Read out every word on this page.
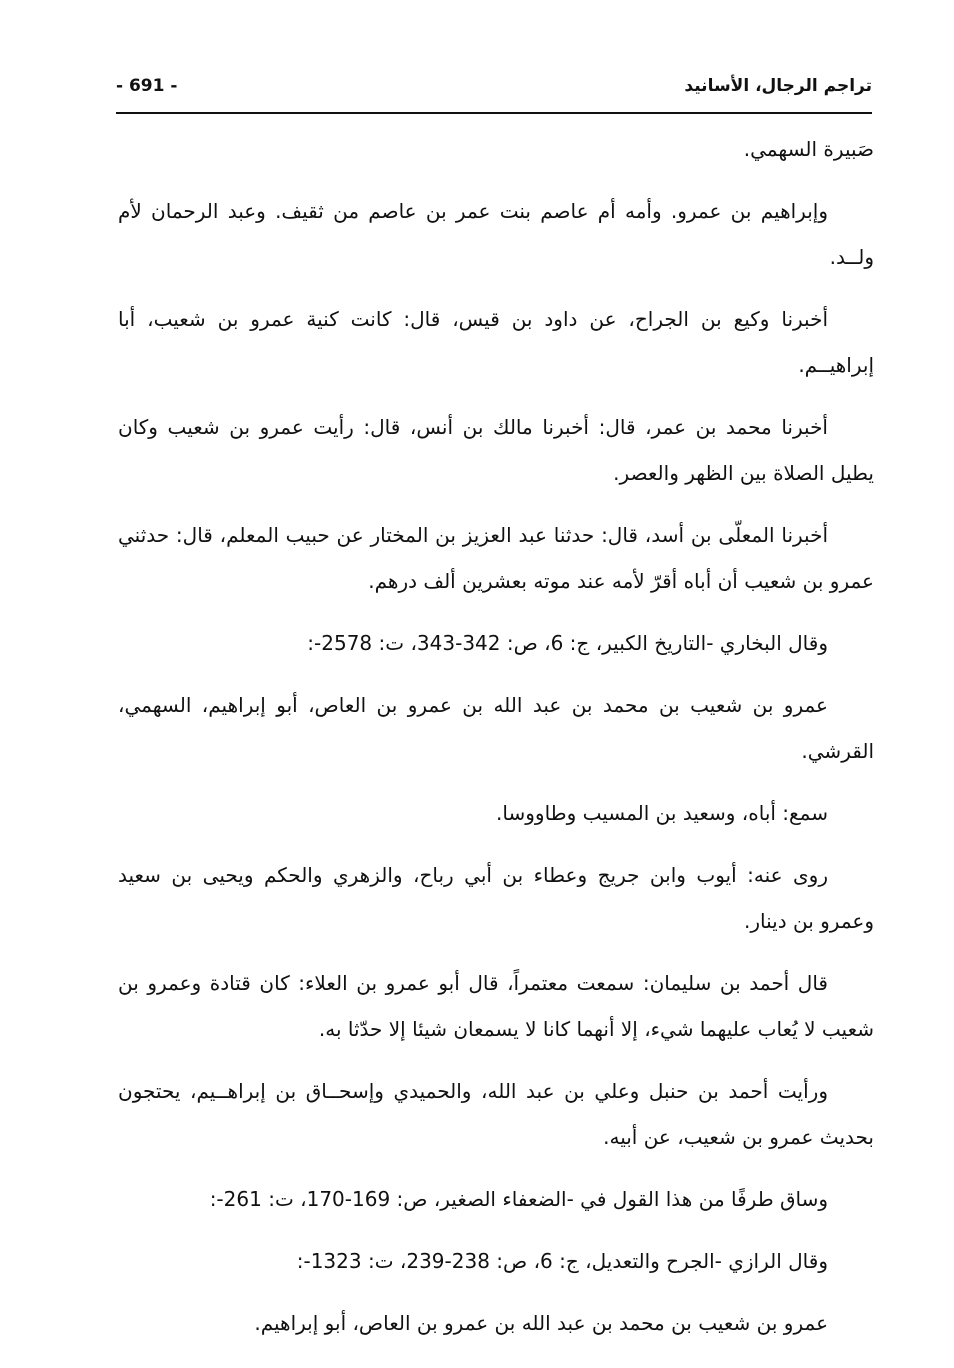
- 691 -	تراجم الرجال، الأسانيد

صَبيرة السهمي.

وإبراهيم بن عمرو. وأمه أم عاصم بنت عمر بن عاصم من ثقيف. وعبد الرحمان لأم ولــد.

أخبرنا وكيع بن الجراح، عن داود بن قيس، قال: كانت كنية عمرو بن شعيب، أبا إبراهيــم.

أخبرنا محمد بن عمر، قال: أخبرنا مالك بن أنس، قال: رأيت عمرو بن شعيب وكان يطيل الصلاة بين الظهر والعصر.

أخبرنا المعلّى بن أسد، قال: حدثنا عبد العزيز بن المختار عن حبيب المعلم، قال: حدثني عمرو بن شعيب أن أباه أقرّ لأمه عند موته بعشرين ألف درهم.

وقال البخاري -التاريخ الكبير، ج: 6، ص: 342-343، ت: 2578-:

عمرو بن شعيب بن محمد بن عبد الله بن عمرو بن العاص، أبو إبراهيم، السهمي، القرشي.

سمع: أباه، وسعيد بن المسيب وطاووسا.

روى عنه: أيوب وابن جريج وعطاء بن أبي رباح، والزهري والحكم ويحيى بن سعيد وعمرو بن دينار.

قال أحمد بن سليمان: سمعت معتمراً، قال أبو عمرو بن العلاء: كان قتادة وعمرو بن شعيب لا يُعاب عليهما شيء، إلا أنهما كانا لا يسمعان شيئا إلا حدّثا به.

ورأيت أحمد بن حنبل وعلي بن عبد الله، والحميدي وإسحــاق بن إبراهــيم، يحتجون بحديث عمرو بن شعيب، عن أبيه.

وساق طرفًا من هذا القول في -الضعفاء الصغير، ص: 169-170، ت: 261-:

وقال الرازي -الجرح والتعديل، ج: 6، ص: 238-239، ت: 1323-:

عمرو بن شعيب بن محمد بن عبد الله بن عمرو بن العاص، أبو إبراهيم.
